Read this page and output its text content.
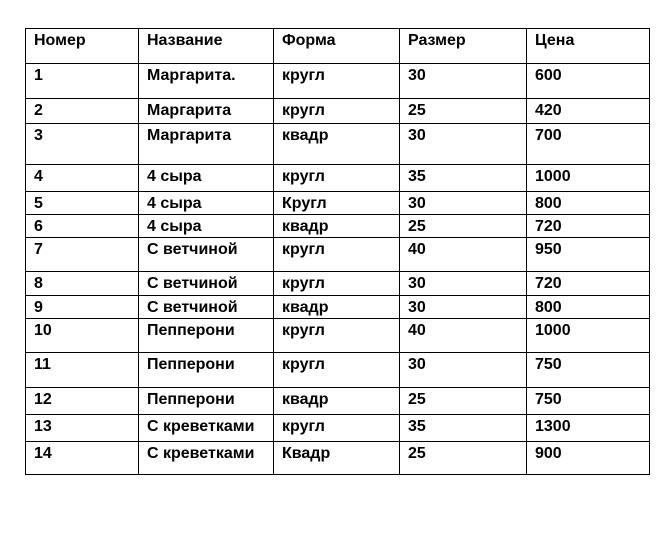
Номер	Название	Форма	Размер	Цена
1	Маргарита.	кругл	30	600
2	Маргарита	кругл	25	420
3	Маргарита	квадр	30	700
4	4 сыра	кругл	35	1000
5	4 сыра	Кругл	30	800
6	4 сыра	квадр	25	720
7	С ветчиной	кругл	40	950
8	С ветчиной	кругл	30	720
9	С ветчиной	квадр	30	800
10	Пепперони	кругл	40	1000
11	Пепперони	кругл	30	750
12	Пепперони	квадр	25	750
13	С креветками	кругл	35	1300
14	С креветками	Квадр	25	900
